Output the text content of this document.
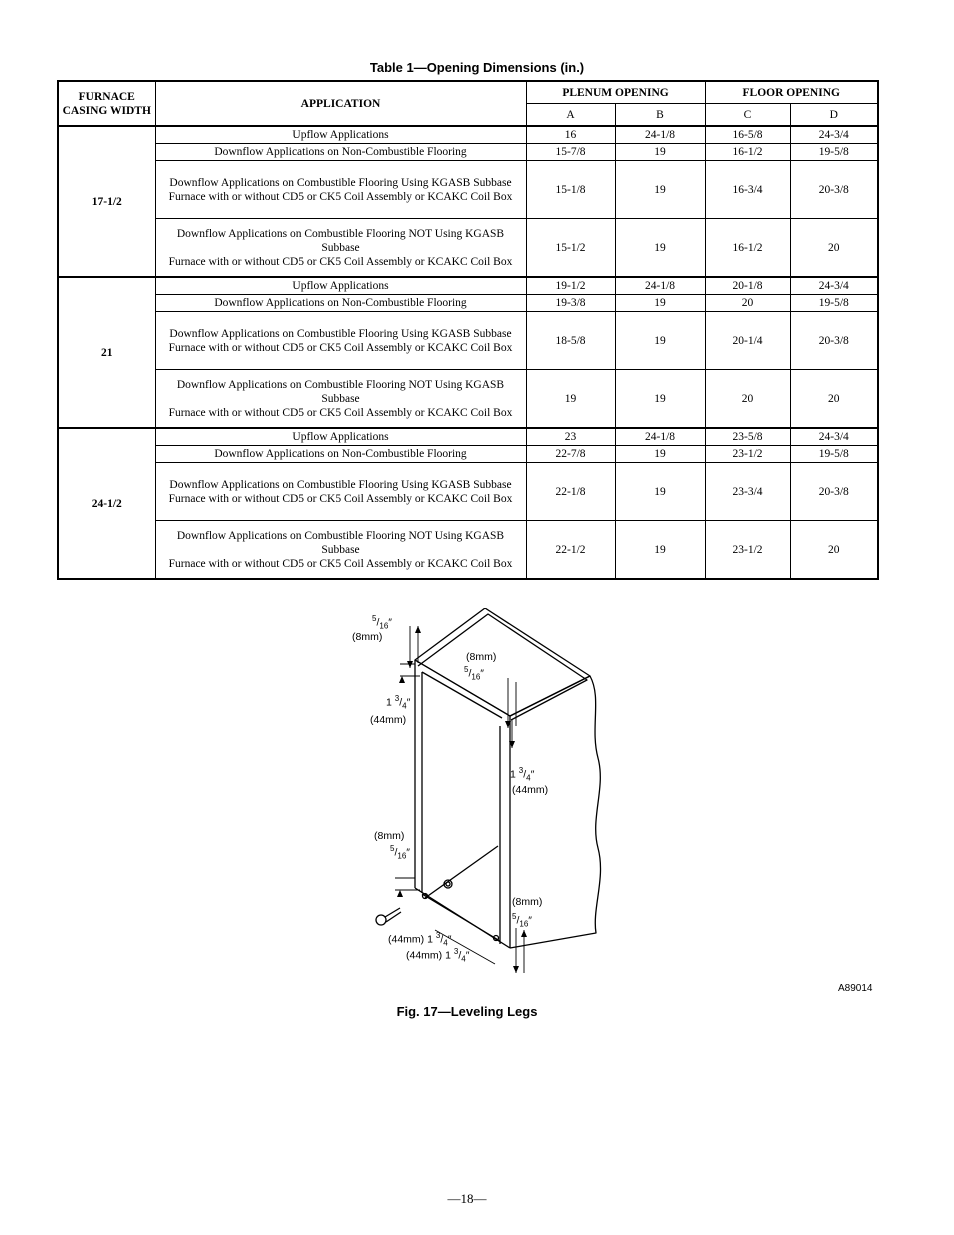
Table 1—Opening Dimensions (in.)
FURNACE CASING WIDTH	APPLICATION	PLENUM OPENING		FLOOR OPENING	
		A	B	C	D
17-1/2	Upflow Applications	16	24-1/8	16-5/8	24-3/4
	Downflow Applications on Non-Combustible Flooring	15-7/8	19	16-1/2	19-5/8

	Downflow Applications on Combustible Flooring Using KGASB Subbase
Furnace with or without CD5 or CK5 Coil Assembly or KCAKC Coil Box	15-1/8	19	16-3/4	20-3/8

	Downflow Applications on Combustible Flooring NOT Using KGASB Subbase
Furnace with or without CD5 or CK5 Coil Assembly or KCAKC Coil Box	15-1/2	19	16-1/2	20
21	Upflow Applications	19-1/2	24-1/8	20-1/8	24-3/4
	Downflow Applications on Non-Combustible Flooring	19-3/8	19	20	19-5/8

	Downflow Applications on Combustible Flooring Using KGASB Subbase
Furnace with or without CD5 or CK5 Coil Assembly or KCAKC Coil Box	18-5/8	19	20-1/4	20-3/8

	Downflow Applications on Combustible Flooring NOT Using KGASB Subbase
Furnace with or without CD5 or CK5 Coil Assembly or KCAKC Coil Box	19	19	20	20
24-1/2	Upflow Applications	23	24-1/8	23-5/8	24-3/4
	Downflow Applications on Non-Combustible Flooring	22-7/8	19	23-1/2	19-5/8

	Downflow Applications on Combustible Flooring Using KGASB Subbase
Furnace with or without CD5 or CK5 Coil Assembly or KCAKC Coil Box	22-1/8	19	23-3/4	20-3/8

	Downflow Applications on Combustible Flooring NOT Using KGASB Subbase
Furnace with or without CD5 or CK5 Coil Assembly or KCAKC Coil Box	22-1/2	19	23-1/2	20
$^5/_{16}''$
(8mm)
(8mm)
$^5/_{16}''$
1 $^3/_4''$
(44mm)
1 $^3/_4''$
(44mm)
(8mm)
$^5/_{16}''$
(8mm)
$^5/_{16}''$
(44mm) 1 $^3/_4''$
(44mm) 1 $^3/_4''$
A89014
Fig. 17—Leveling Legs
—18—
